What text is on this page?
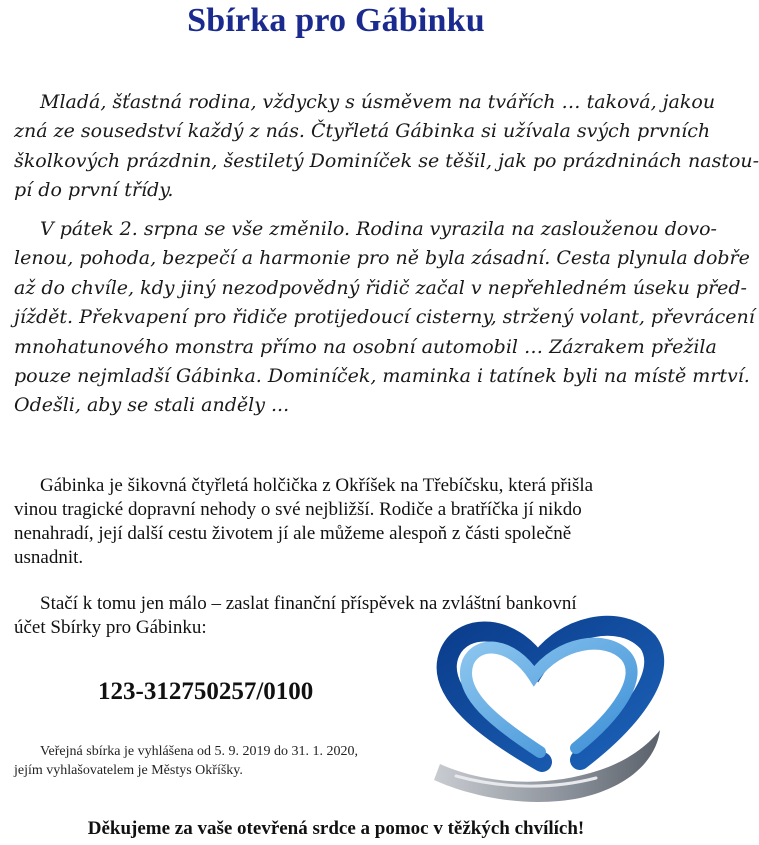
Sbírka pro Gábinku
Mladá, šťastná rodina, vždycky s úsměvem na tvářích … taková, jakou
zná ze sousedství každý z nás. Čtyřletá Gábinka si užívala svých prvních
školkových prázdnin, šestiletý Dominíček se těšil, jak po prázdninách nastou-
pí do první třídy.
V pátek 2. srpna se vše změnilo. Rodina vyrazila na zaslouženou dovo-
lenou, pohoda, bezpečí a harmonie pro ně byla zásadní. Cesta plynula dobře
až do chvíle, kdy jiný nezodpovědný řidič začal v nepřehledném úseku před-
jíždět. Překvapení pro řidiče protijedoucí cisterny, stržený volant, převrácení
mnohatunového monstra přímo na osobní automobil … Zázrakem přežila
pouze nejmladší Gábinka. Dominíček, maminka i tatínek byli na místě mrtví.
Odešli, aby se stali anděly ...
Gábinka je šikovná čtyřletá holčička z Okříšek na Třebíčsku, která přišla
vinou tragické dopravní nehody o své nejbližší. Rodiče a bratříčka jí nikdo
nenahradí, její další cestu životem jí ale můžeme alespoň z části společně
usnadnit.
Stačí k tomu jen málo – zaslat finanční příspěvek na zvláštní bankovní
účet Sbírky pro Gábinku:

123-312750257/0100

Veřejná sbírka je vyhlášena od 5. 9. 2019 do 31. 1. 2020,
jejím vyhlašovatelem je Městys Okříšky.

Děkujeme za vaše otevřená srdce a pomoc v těžkých chvílích!
